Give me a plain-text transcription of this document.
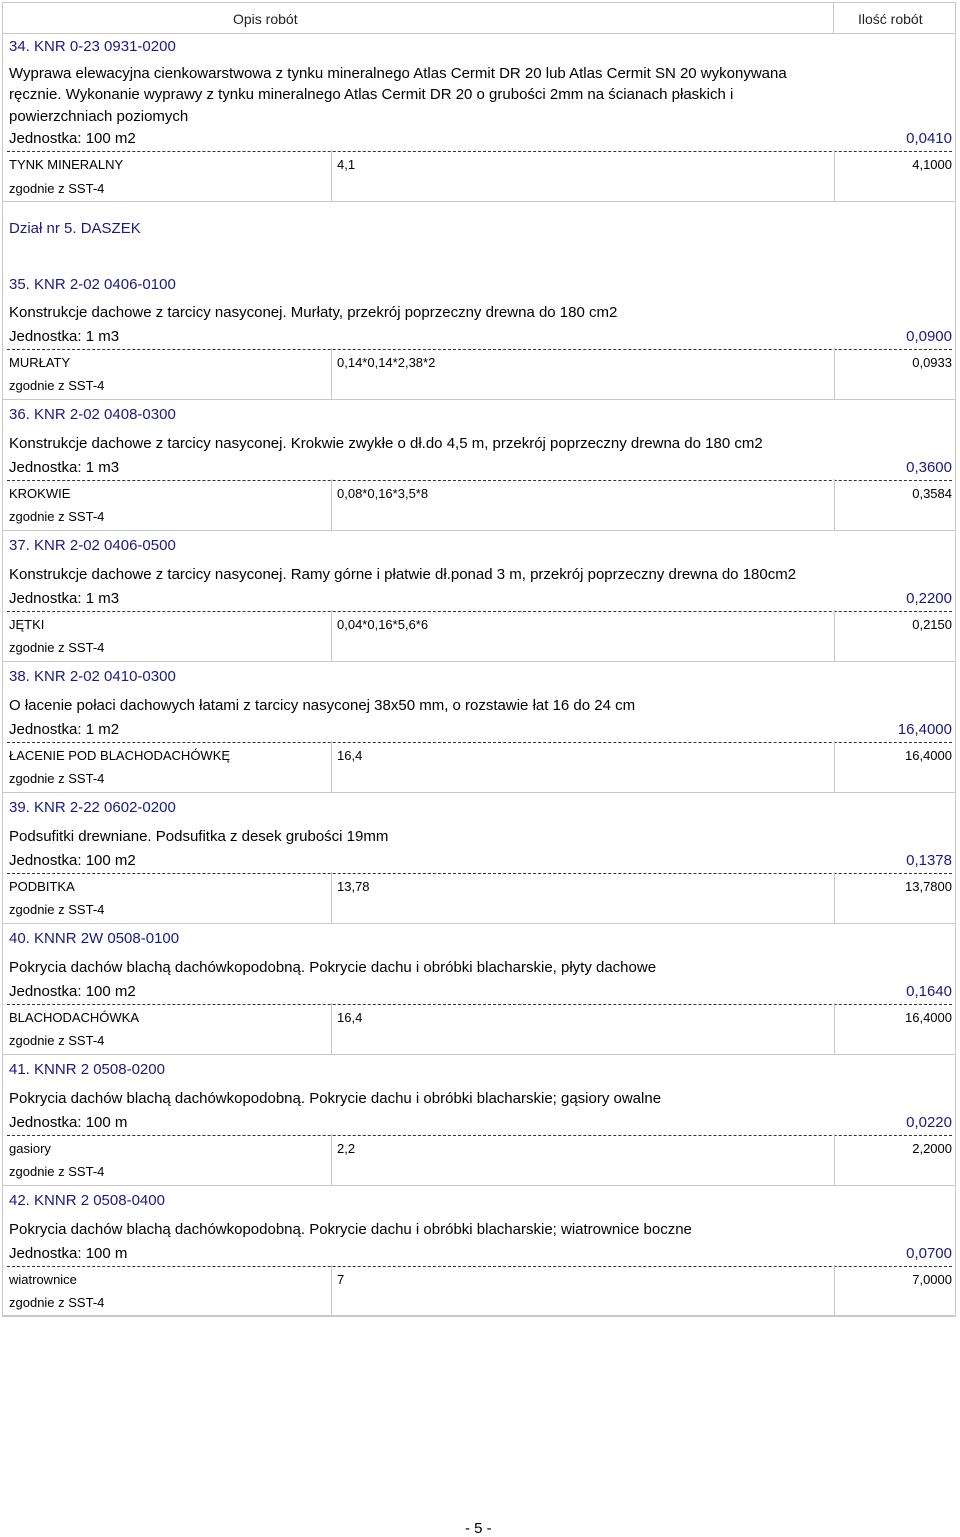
Opis robót	Ilość robót
34. KNR 0-23 0931-0200
Wyprawa elewacyjna cienkowarstwowa z tynku mineralnego Atlas Cermit DR 20 lub Atlas Cermit SN 20 wykonywana
ręcznie. Wykonanie wyprawy z tynku mineralnego Atlas Cermit DR 20 o grubości 2mm na ścianach płaskich i
powierzchniach poziomych
Jednostka: 100 m2	0,0410
TYNK MINERALNY	4,1	4,1000
zgodnie z SST-4
35. KNR 2-02 0406-0100
Konstrukcje dachowe z tarcicy nasyconej. Murłaty, przekrój poprzeczny drewna do 180 cm2
Jednostka: 1 m3	0,0900
MURŁATY	0,14*0,14*2,38*2	0,0933
zgodnie z SST-4
36. KNR 2-02 0408-0300
Konstrukcje dachowe z tarcicy nasyconej. Krokwie zwykłe o dł.do 4,5 m, przekrój poprzeczny drewna do 180 cm2
Jednostka: 1 m3	0,3600
KROKWIE	0,08*0,16*3,5*8	0,3584
zgodnie z SST-4
37. KNR 2-02 0406-0500
Konstrukcje dachowe z tarcicy nasyconej. Ramy górne i płatwie dł.ponad 3 m, przekrój poprzeczny drewna do 180cm2
Jednostka: 1 m3	0,2200
JĘTKI	0,04*0,16*5,6*6	0,2150
zgodnie z SST-4
38. KNR 2-02 0410-0300
O łacenie połaci dachowych łatami z tarcicy nasyconej 38x50 mm, o rozstawie łat 16 do 24 cm
Jednostka: 1 m2	16,4000
ŁACENIE POD BLACHODACHÓWKĘ	16,4	16,4000
zgodnie z SST-4
39. KNR 2-22 0602-0200
Podsufitki drewniane. Podsufitka z desek grubości 19mm
Jednostka: 100 m2	0,1378
PODBITKA	13,78	13,7800
zgodnie z SST-4
40. KNNR 2W 0508-0100
Pokrycia dachów blachą dachówkopodobną. Pokrycie dachu i obróbki blacharskie, płyty dachowe
Jednostka: 100 m2	0,1640
BLACHODACHÓWKA	16,4	16,4000
zgodnie z SST-4
41. KNNR 2 0508-0200
Pokrycia dachów blachą dachówkopodobną. Pokrycie dachu i obróbki blacharskie; gąsiory owalne
Jednostka: 100 m	0,0220
gasiory	2,2	2,2000
zgodnie z SST-4
42. KNNR 2 0508-0400
Pokrycia dachów blachą dachówkopodobną. Pokrycie dachu i obróbki blacharskie; wiatrownice boczne
Jednostka: 100 m	0,0700
wiatrownice	7	7,0000
zgodnie z SST-4
Dział nr 5. DASZEK
- 5 -
